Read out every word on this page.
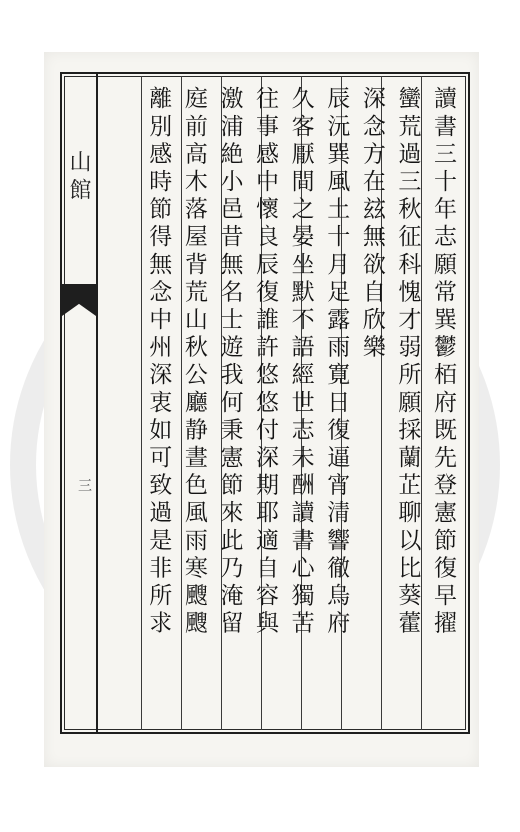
山館
三	讀書三十年志願常巽鬱栢府既先登憲節復早擢
蠻荒過三秋征科愧才弱所願採蘭芷聊以比葵藿
深念方在玆無欲自欣樂
辰沅巽風土十月足露雨寛日復逼宵清響徹烏府
久客厭間之晏坐默不語經世志未酬讀書心獨苦
往事感中懷良辰復誰許悠悠付深期耶適自容與
激浦絶小邑昔無名士遊我何秉憲節來此乃淹留
庭前高木落屋背荒山秋公廳静晝色風雨寒颼颼
離別感時節得無念中州深衷如可致過是非所求
